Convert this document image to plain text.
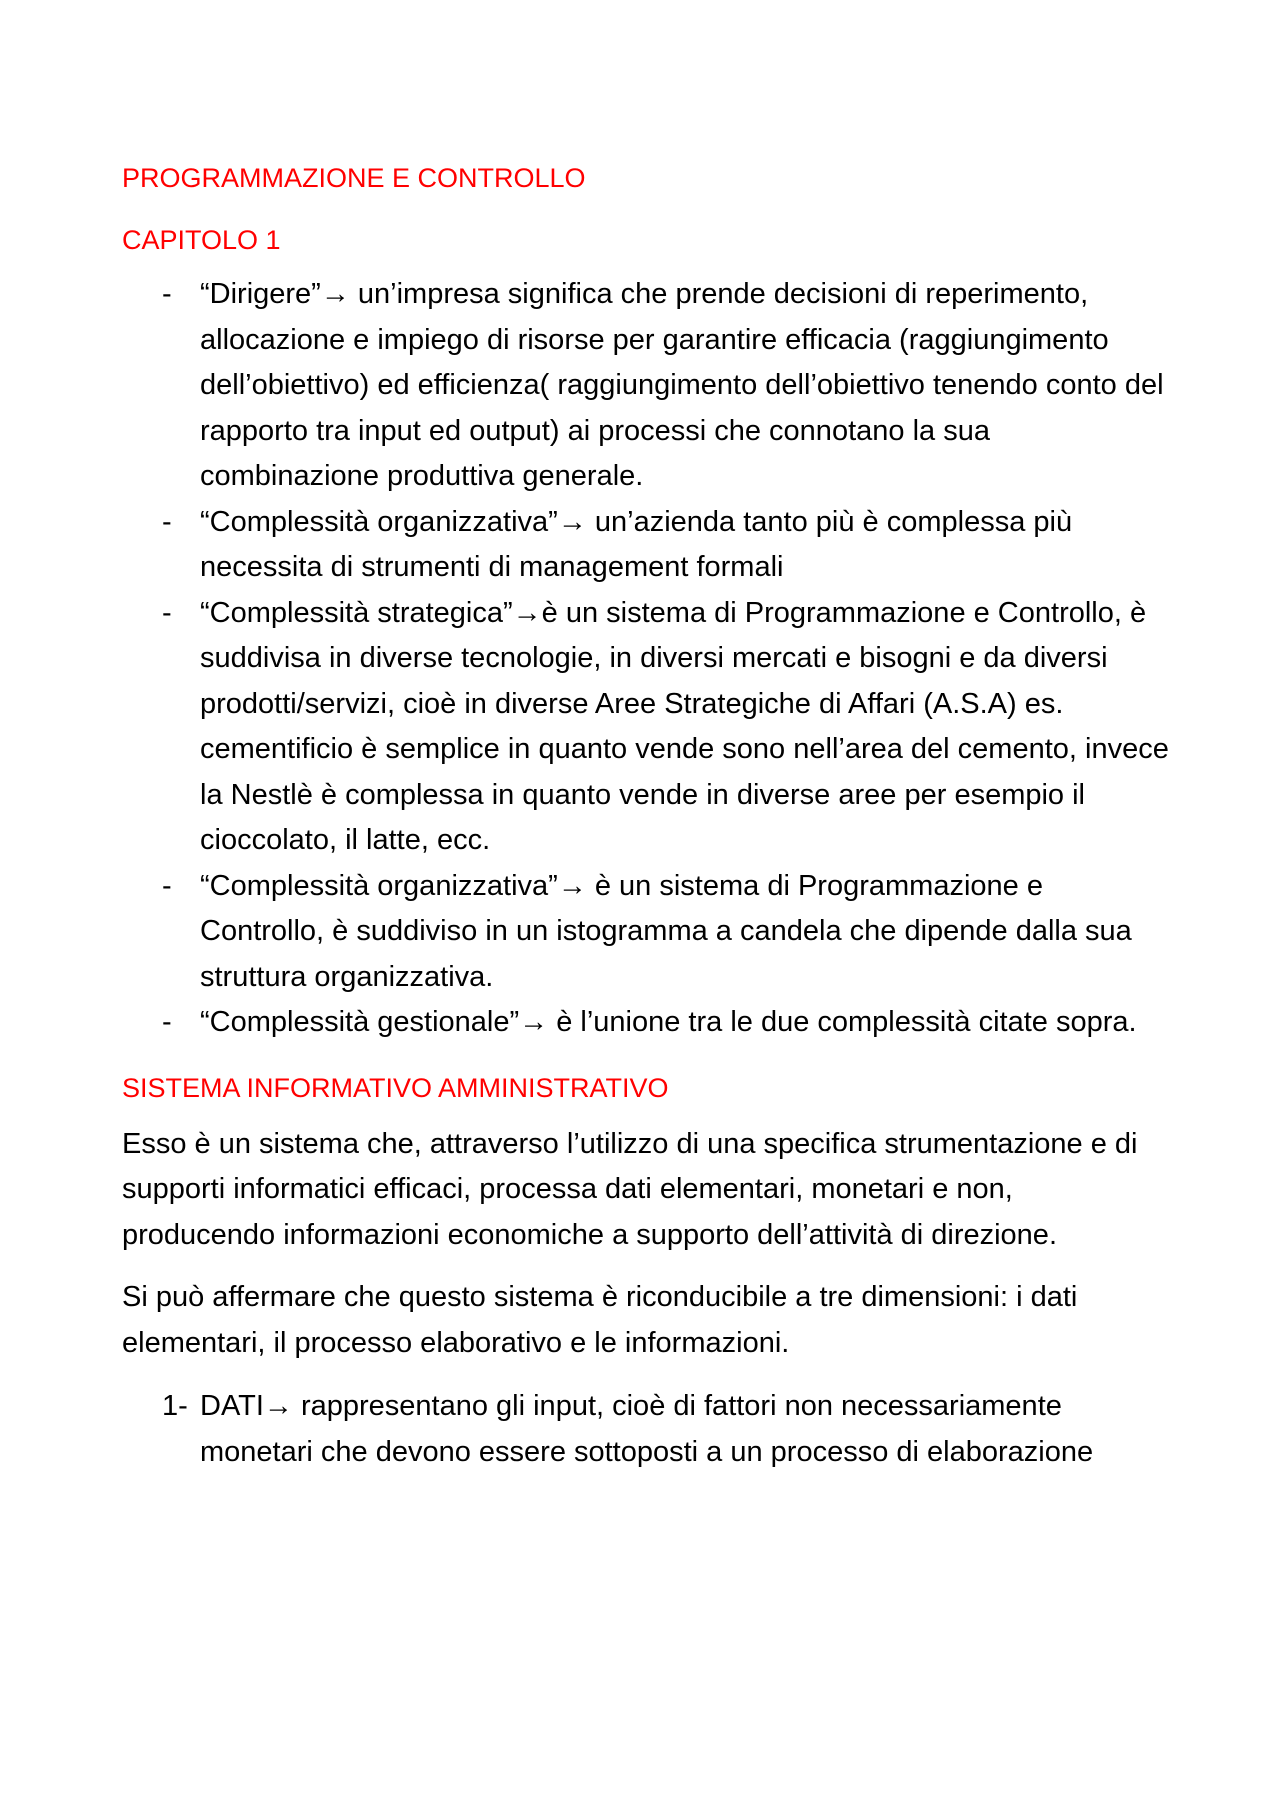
PROGRAMMAZIONE E CONTROLLO

CAPITOLO 1

- “Dirigere”→ un’impresa significa che prende decisioni di reperimento, allocazione e impiego di risorse per garantire efficacia (raggiungimento dell’obiettivo) ed efficienza( raggiungimento dell’obiettivo tenendo conto del rapporto tra input ed output) ai processi che connotano la sua combinazione produttiva generale.
- “Complessità organizzativa”→ un’azienda tanto più è complessa più necessita di strumenti di management formali
- “Complessità strategica”→è un sistema di Programmazione e Controllo, è suddivisa in diverse tecnologie, in diversi mercati e bisogni e da diversi prodotti/servizi, cioè in diverse Aree Strategiche di Affari (A.S.A) es. cementificio è semplice in quanto vende sono nell’area del cemento, invece la Nestlè è complessa in quanto vende in diverse aree per esempio il cioccolato, il latte, ecc.
- “Complessità organizzativa”→ è un sistema di Programmazione e Controllo, è suddiviso in un istogramma a candela che dipende dalla sua struttura organizzativa.
- “Complessità gestionale”→ è l’unione tra le due complessità citate sopra.

SISTEMA INFORMATIVO AMMINISTRATIVO

Esso è un sistema che, attraverso l’utilizzo di una specifica strumentazione e di supporti informatici efficaci, processa dati elementari, monetari e non, producendo informazioni economiche a supporto dell’attività di direzione.

Si può affermare che questo sistema è riconducibile a tre dimensioni: i dati elementari, il processo elaborativo e le informazioni.

1- DATI→ rappresentano gli input, cioè di fattori non necessariamente monetari che devono essere sottoposti a un processo di elaborazione
